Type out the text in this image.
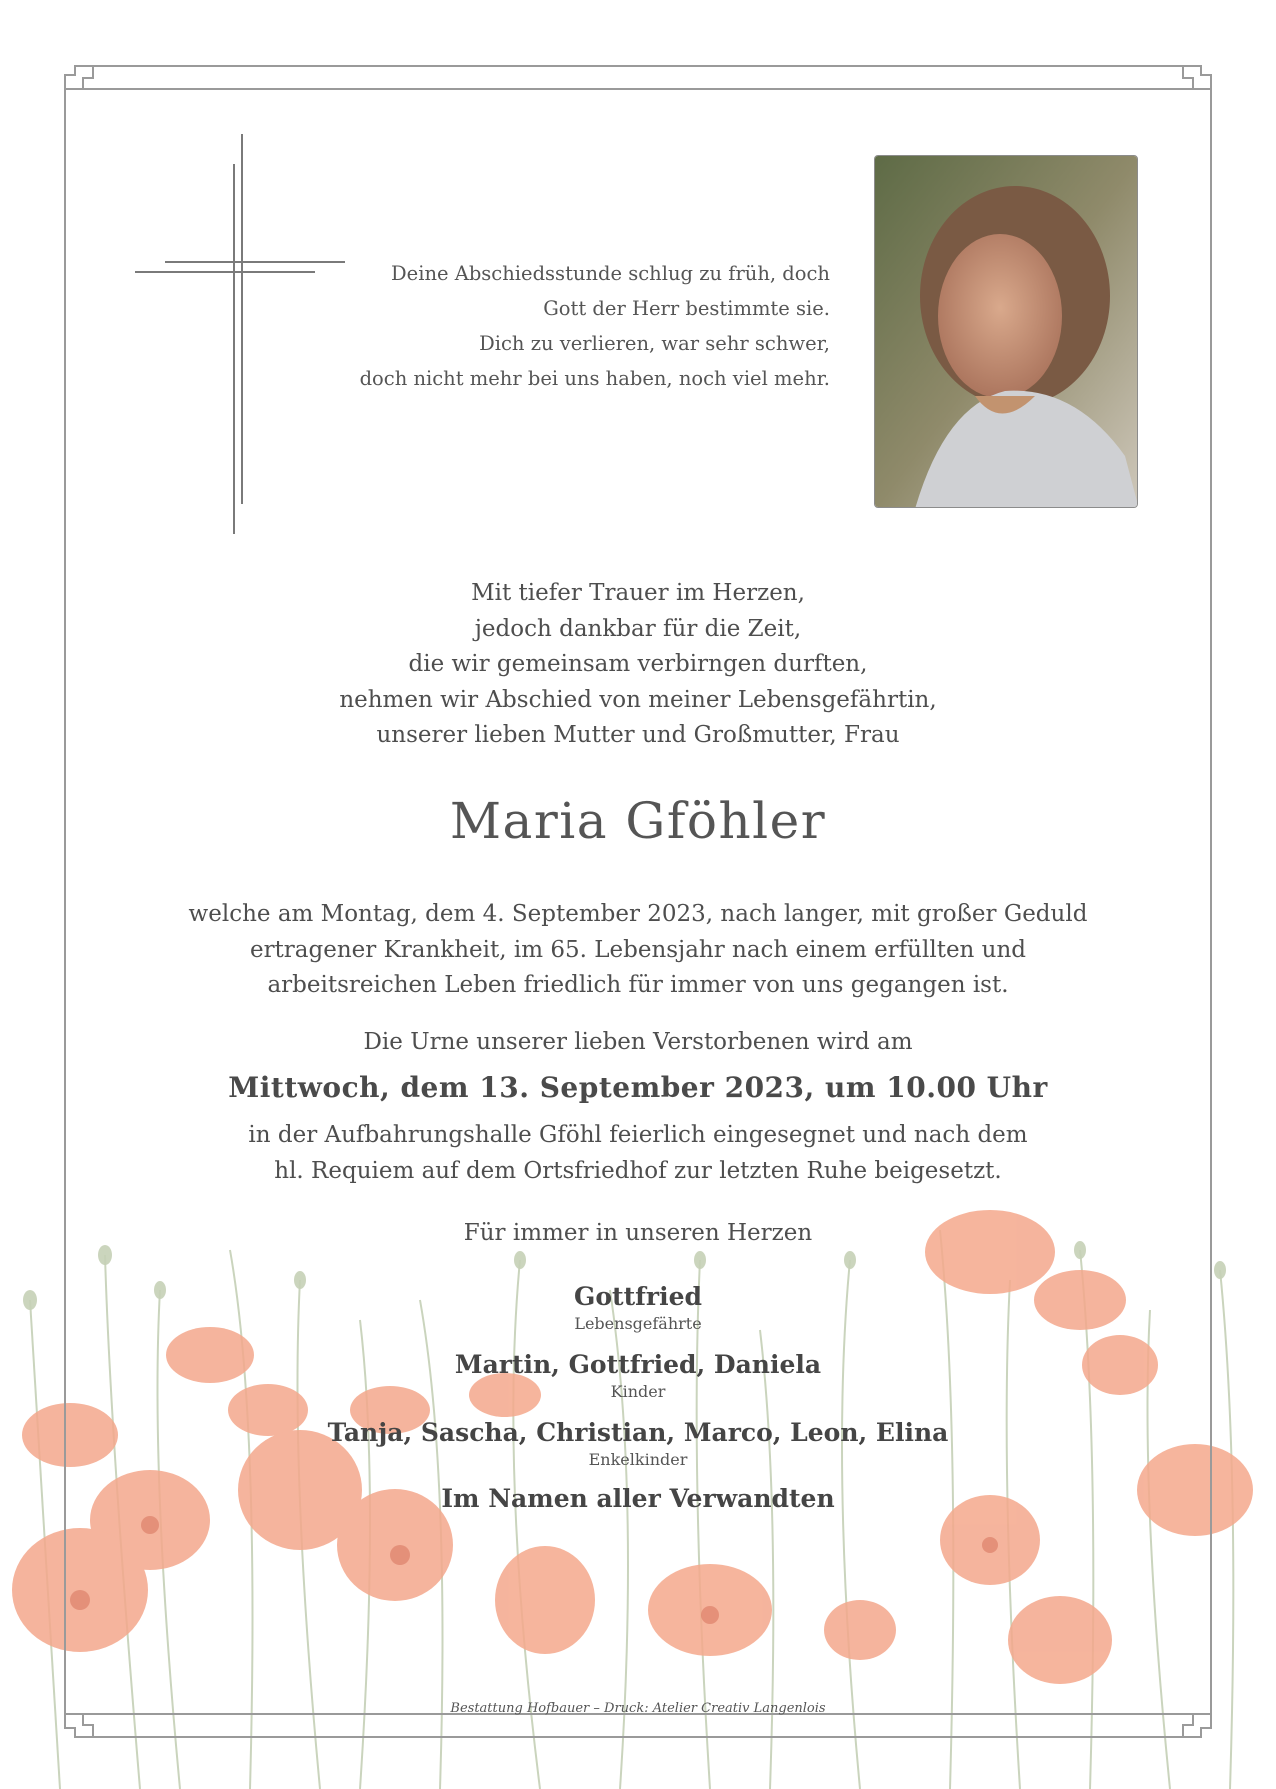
Deine Abschiedsstunde schlug zu früh, doch
Gott der Herr bestimmte sie.
Dich zu verlieren, war sehr schwer,
doch nicht mehr bei uns haben, noch viel mehr.
Mit tiefer Trauer im Herzen,
jedoch dankbar für die Zeit,
die wir gemeinsam verbirngen durften,
nehmen wir Abschied von meiner Lebensgefährtin,
unserer lieben Mutter und Großmutter, Frau
Maria Gföhler
welche am Montag, dem 4. September 2023, nach langer, mit großer Geduld
ertragener Krankheit, im 65. Lebensjahr nach einem erfüllten und
arbeitsreichen Leben friedlich für immer von uns gegangen ist.
Die Urne unserer lieben Verstorbenen wird am
Mittwoch, dem 13. September 2023, um 10.00 Uhr
in der Aufbahrungshalle Gföhl feierlich eingesegnet und nach dem
hl. Requiem auf dem Ortsfriedhof zur letzten Ruhe beigesetzt.
Für immer in unseren Herzen
Gottfried
Lebensgefährte
Martin, Gottfried, Daniela
Kinder
Tanja, Sascha, Christian, Marco, Leon, Elina
Enkelkinder
Im Namen aller Verwandten
Bestattung Hofbauer – Druck: Atelier Creativ Langenlois
